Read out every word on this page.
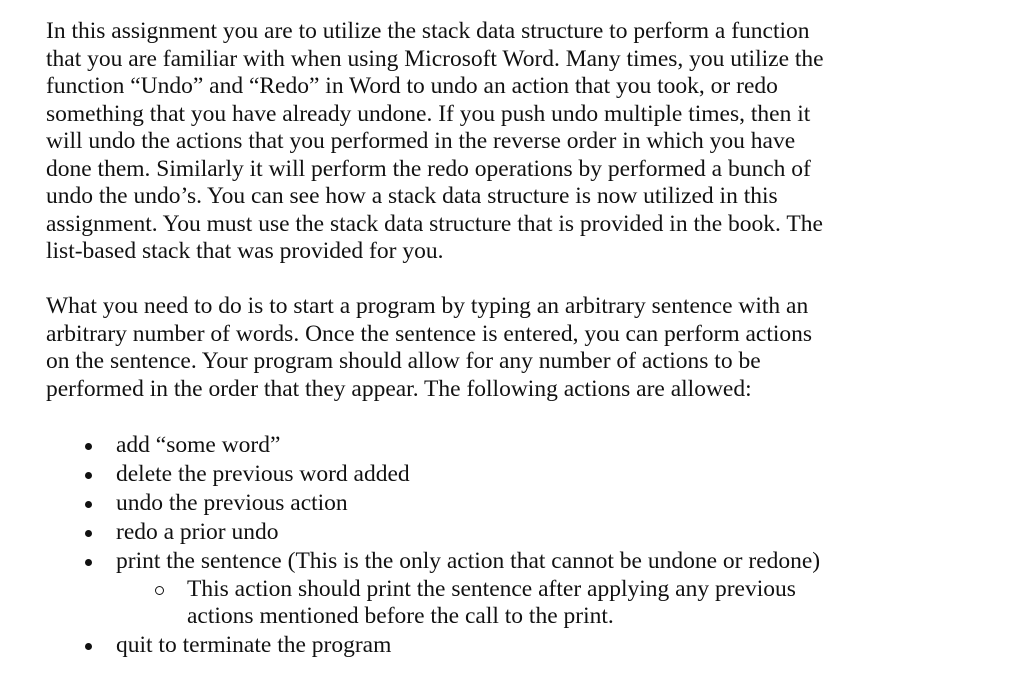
In this assignment you are to utilize the stack data structure to perform a function
that you are familiar with when using Microsoft Word. Many times, you utilize the
function “Undo” and “Redo” in Word to undo an action that you took, or redo
something that you have already undone. If you push undo multiple times, then it
will undo the actions that you performed in the reverse order in which you have
done them. Similarly it will perform the redo operations by performed a bunch of
undo the undo’s. You can see how a stack data structure is now utilized in this
assignment. You must use the stack data structure that is provided in the book. The
list-based stack that was provided for you.

What you need to do is to start a program by typing an arbitrary sentence with an
arbitrary number of words. Once the sentence is entered, you can perform actions
on the sentence. Your program should allow for any number of actions to be
performed in the order that they appear. The following actions are allowed:

add “some word”
delete the previous word added
undo the previous action
redo a prior undo
print the sentence (This is the only action that cannot be undone or redone)
This action should print the sentence after applying any previous
actions mentioned before the call to the print.
quit to terminate the program
